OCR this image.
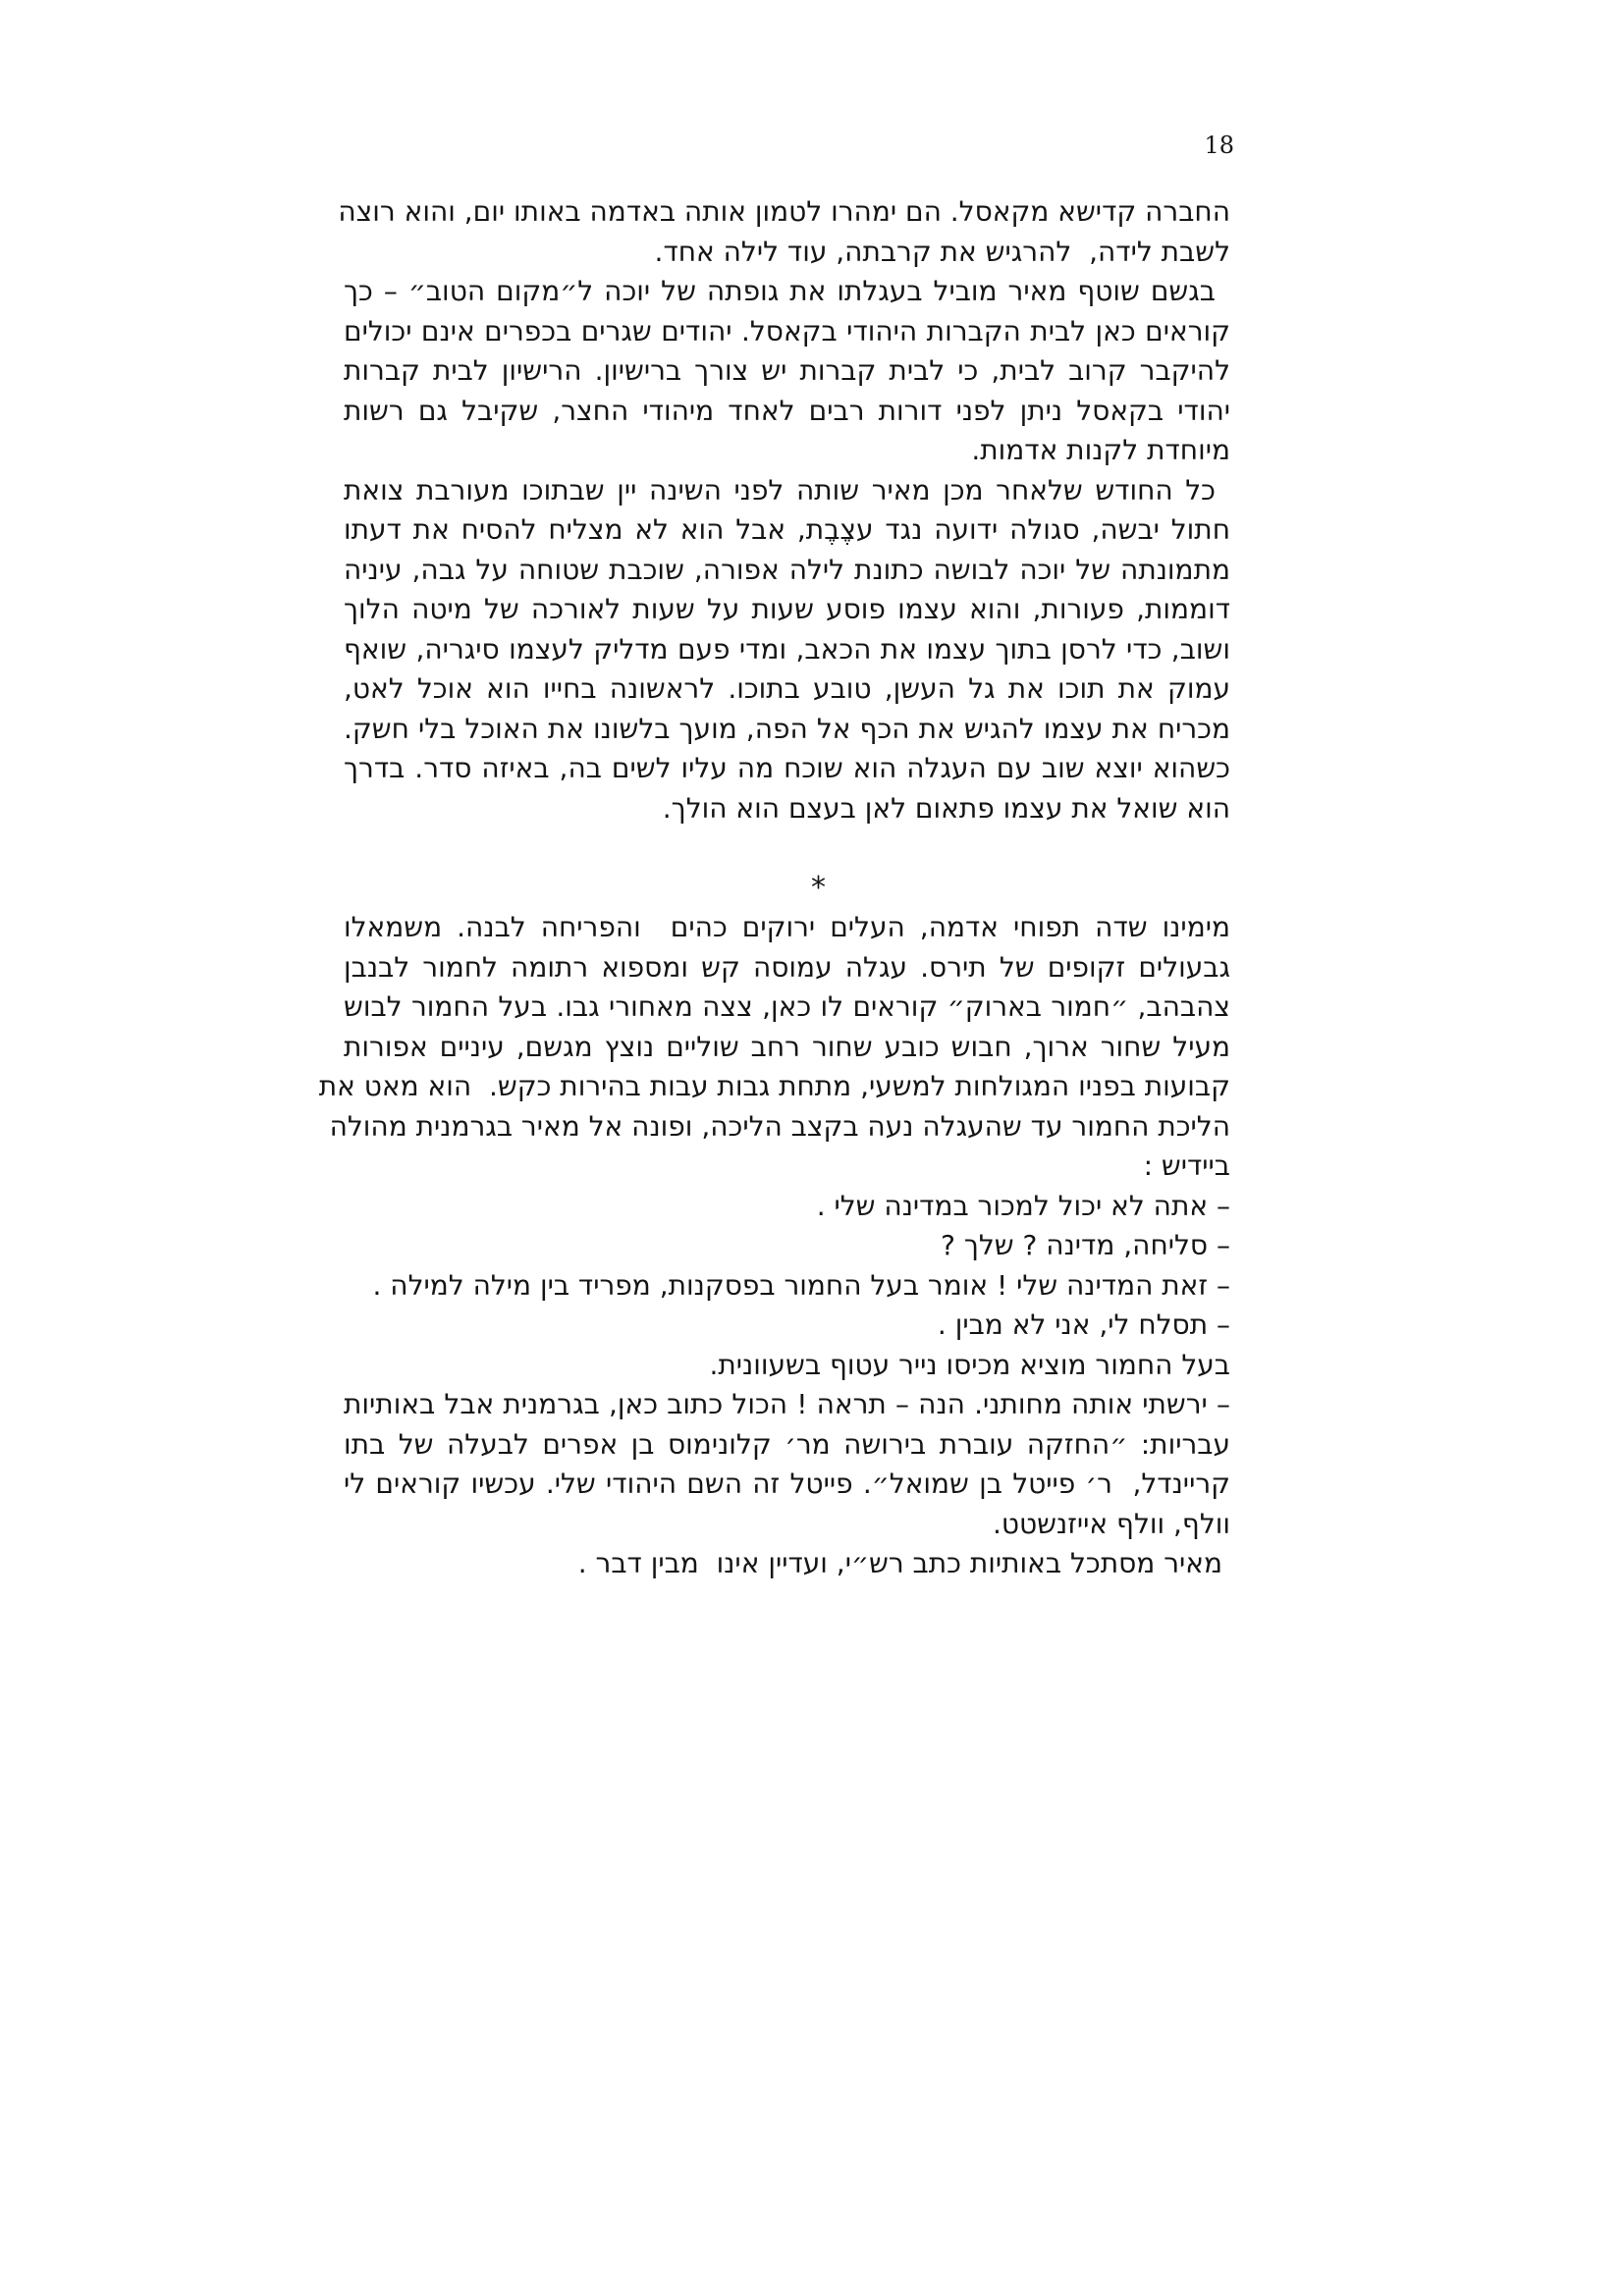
18
החברה קדישא מקאסל. הם ימהרו לטמון אותה באדמה באותו יום, והוא רוצה
לשבת לידה,  להרגיש את קרבתה, עוד לילה אחד.
בגשם שוטף מאיר מוביל בעגלתו את גופתה של יוכה ל״מקום הטוב״ – כך
קוראים כאן לבית הקברות היהודי בקאסל. יהודים שגרים בכפרים אינם יכולים
להיקבר קרוב לבית, כי לבית קברות יש צורך ברישיון. הרישיון לבית קברות
יהודי בקאסל ניתן לפני דורות רבים לאחד מיהודי החצר, שקיבל גם רשות
מיוחדת לקנות אדמות.
כל החודש שלאחר מכן מאיר שותה לפני השינה יין שבתוכו מעורבת צואת
חתול יבשה, סגולה ידועה נגד עצֶבֶת, אבל הוא לא מצליח להסיח את דעתו
מתמונתה של יוכה לבושה כתונת לילה אפורה, שוכבת שטוחה על גבה, עיניה
דוממות, פעורות, והוא עצמו פוסע שעות על שעות לאורכה של מיטה הלוך
ושוב, כדי לרסן בתוך עצמו את הכאב, ומדי פעם מדליק לעצמו סיגריה, שואף
עמוק את תוכו את גל העשן, טובע בתוכו. לראשונה בחייו הוא אוכל לאט,
מכריח את עצמו להגיש את הכף אל הפה, מועך בלשונו את האוכל בלי חשק.
כשהוא יוצא שוב עם העגלה הוא שוכח מה עליו לשים בה, באיזה סדר. בדרך
הוא שואל את עצמו פתאום לאן בעצם הוא הולך.

*
מימינו שדה תפוחי אדמה, העלים ירוקים כהים  והפריחה לבנה. משמאלו
גבעולים זקופים של תירס. עגלה עמוסה קש ומספוא רתומה לחמור לבנבן
צהבהב, ״חמור בארוק״ קוראים לו כאן, צצה מאחורי גבו. בעל החמור לבוש
מעיל שחור ארוך, חבוש כובע שחור רחב שוליים נוצץ מגשם, עיניים אפורות
קבועות בפניו המגולחות למשעי, מתחת גבות עבות בהירות כקש.  הוא מאט את
הליכת החמור עד שהעגלה נעה בקצב הליכה, ופונה אל מאיר בגרמנית מהולה
ביידיש :
– אתה לא יכול למכור במדינה שלי .
– סליחה, מדינה ? שלך ?
– זאת המדינה שלי ! אומר בעל החמור בפסקנות, מפריד בין מילה למילה .
– תסלח לי, אני לא מבין .
בעל החמור מוציא מכיסו נייר עטוף בשעוונית.
– ירשתי אותה מחותני. הנה – תראה ! הכול כתוב כאן, בגרמנית אבל באותיות
עבריות: ״החזקה עוברת בירושה מר׳ קלונימוס בן אפרים לבעלה של בתו
קריינדל,  ר׳ פייטל בן שמואל״. פייטל זה השם היהודי שלי. עכשיו קוראים לי
וולף, וולף אייזנשטט.
מאיר מסתכל באותיות כתב רש״י, ועדיין אינו  מבין דבר .
